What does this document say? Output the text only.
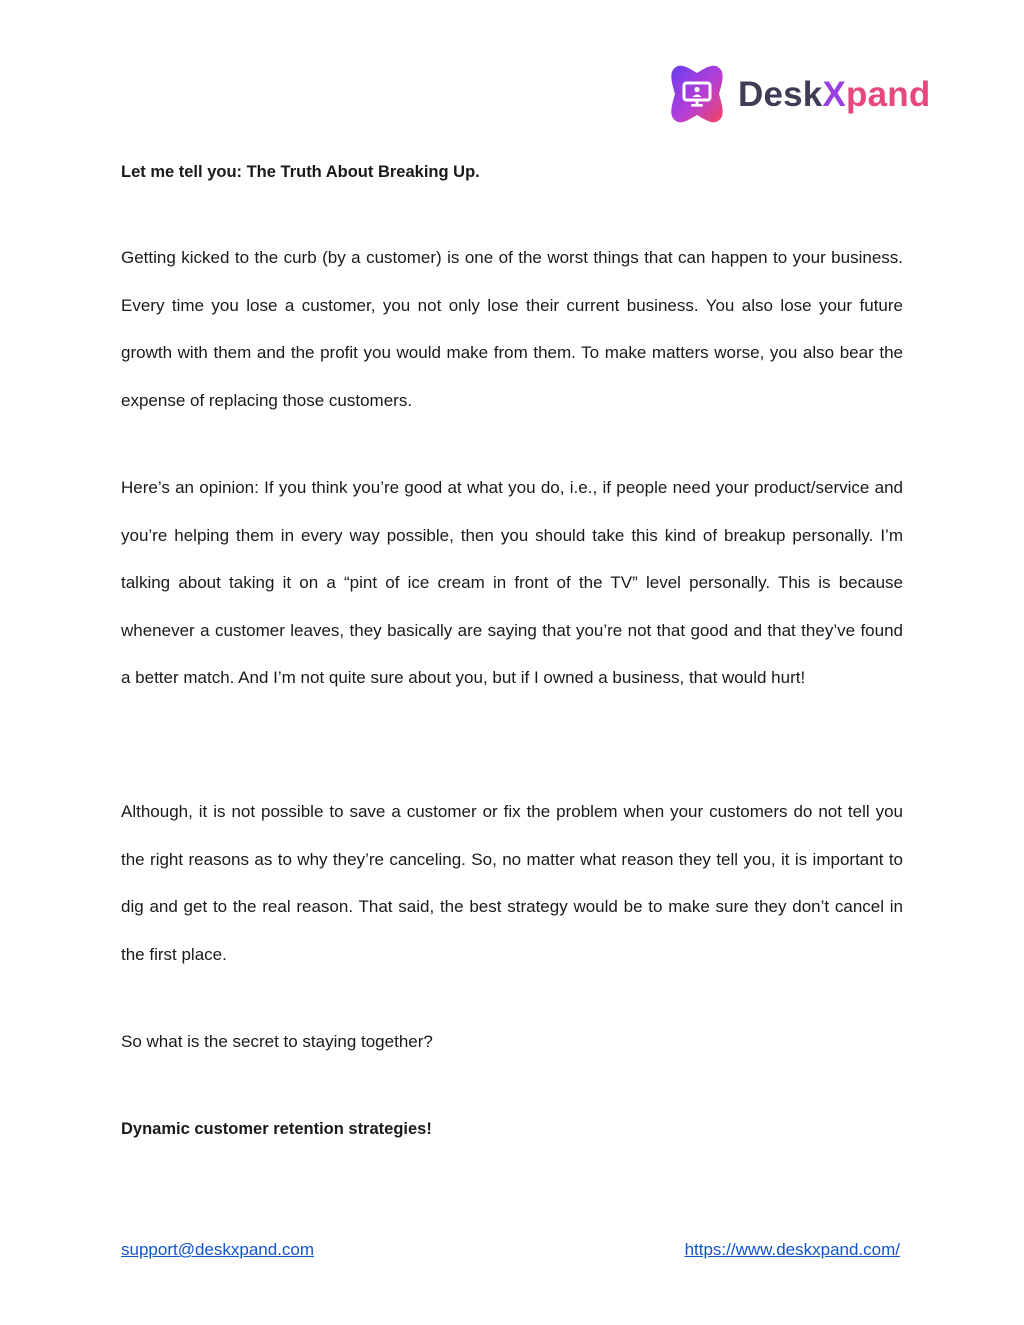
DeskXpand
Let me tell you: The Truth About Breaking Up.

Getting kicked to the curb (by a customer) is one of the worst things that can happen to your business. Every time you lose a customer, you not only lose their current business. You also lose your future growth with them and the profit you would make from them. To make matters worse, you also bear the expense of replacing those customers.

Here’s an opinion: If you think you’re good at what you do, i.e., if people need your product/service and you’re helping them in every way possible, then you should take this kind of breakup personally. I’m talking about taking it on a “pint of ice cream in front of the TV” level personally. This is because whenever a customer leaves, they basically are saying that you’re not that good and that they’ve found a better match. And I’m not quite sure about you, but if I owned a business, that would hurt!

Although, it is not possible to save a customer or fix the problem when your customers do not tell you the right reasons as to why they’re canceling. So, no matter what reason they tell you, it is important to dig and get to the real reason. That said, the best strategy would be to make sure they don’t cancel in the first place.

So what is the secret to staying together?

Dynamic customer retention strategies!
support@deskxpand.com	https://www.deskxpand.com/
